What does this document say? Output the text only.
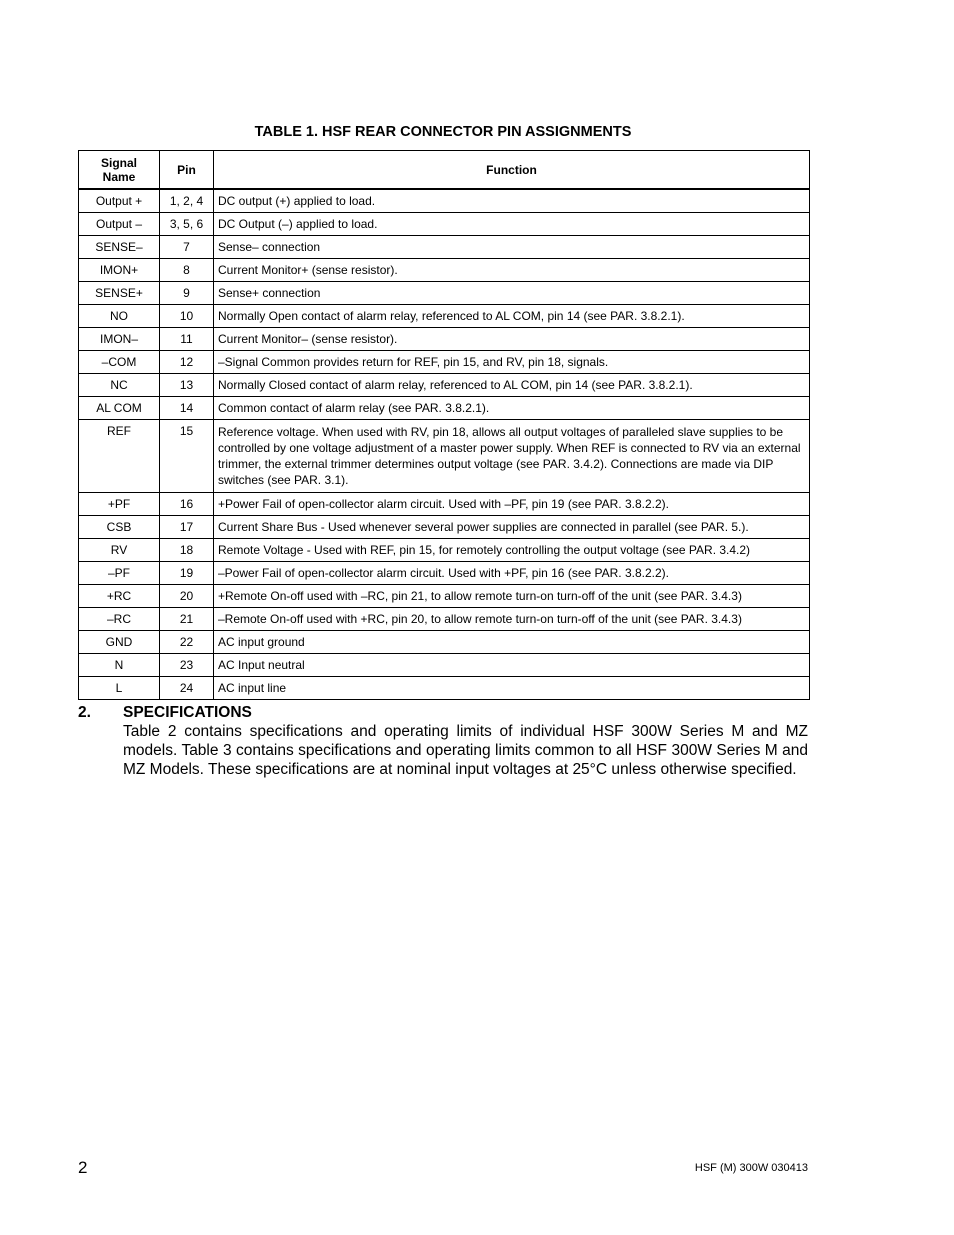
TABLE 1. HSF REAR CONNECTOR PIN ASSIGNMENTS
Signal Name	Pin	Function
Output +	1, 2, 4	DC output (+) applied to load.
Output –	3, 5, 6	DC Output (–) applied to load.
SENSE–	7	Sense– connection
IMON+	8	Current Monitor+ (sense resistor).
SENSE+	9	Sense+ connection
NO	10	Normally Open contact of alarm relay, referenced to AL COM, pin 14 (see PAR. 3.8.2.1).
IMON–	11	Current Monitor– (sense resistor).
–COM	12	–Signal Common provides return for REF, pin 15, and RV, pin 18, signals.
NC	13	Normally Closed contact of alarm relay, referenced to AL COM, pin 14 (see PAR. 3.8.2.1).
AL COM	14	Common contact of alarm relay (see PAR. 3.8.2.1).
REF	15	Reference voltage. When used with RV, pin 18, allows all output voltages of paralleled slave supplies to be controlled by one voltage adjustment of a master power supply. When REF is connected to RV via an external trimmer, the external trimmer determines output voltage (see PAR. 3.4.2). Connections are made via DIP switches (see PAR. 3.1).
+PF	16	+Power Fail of open-collector alarm circuit. Used with –PF, pin 19 (see PAR. 3.8.2.2).
CSB	17	Current Share Bus - Used whenever several power supplies are connected in parallel (see PAR. 5.).
RV	18	Remote Voltage - Used with REF, pin 15, for remotely controlling the output voltage (see PAR. 3.4.2)
–PF	19	–Power Fail of open-collector alarm circuit. Used with +PF, pin 16 (see PAR. 3.8.2.2).
+RC	20	+Remote On-off used with –RC, pin 21, to allow remote turn-on turn-off of the unit (see PAR. 3.4.3)
–RC	21	–Remote On-off used with +RC, pin 20, to allow remote turn-on turn-off of the unit (see PAR. 3.4.3)
GND	22	AC input ground
N	23	AC Input neutral
L	24	AC input line
2.	SPECIFICATIONS
Table 2 contains specifications and operating limits of individual HSF 300W Series M and MZ models. Table 3 contains specifications and operating limits common to all HSF 300W Series M and MZ Models. These specifications are at nominal input voltages at 25°C unless otherwise specified.
2	HSF (M) 300W 030413
